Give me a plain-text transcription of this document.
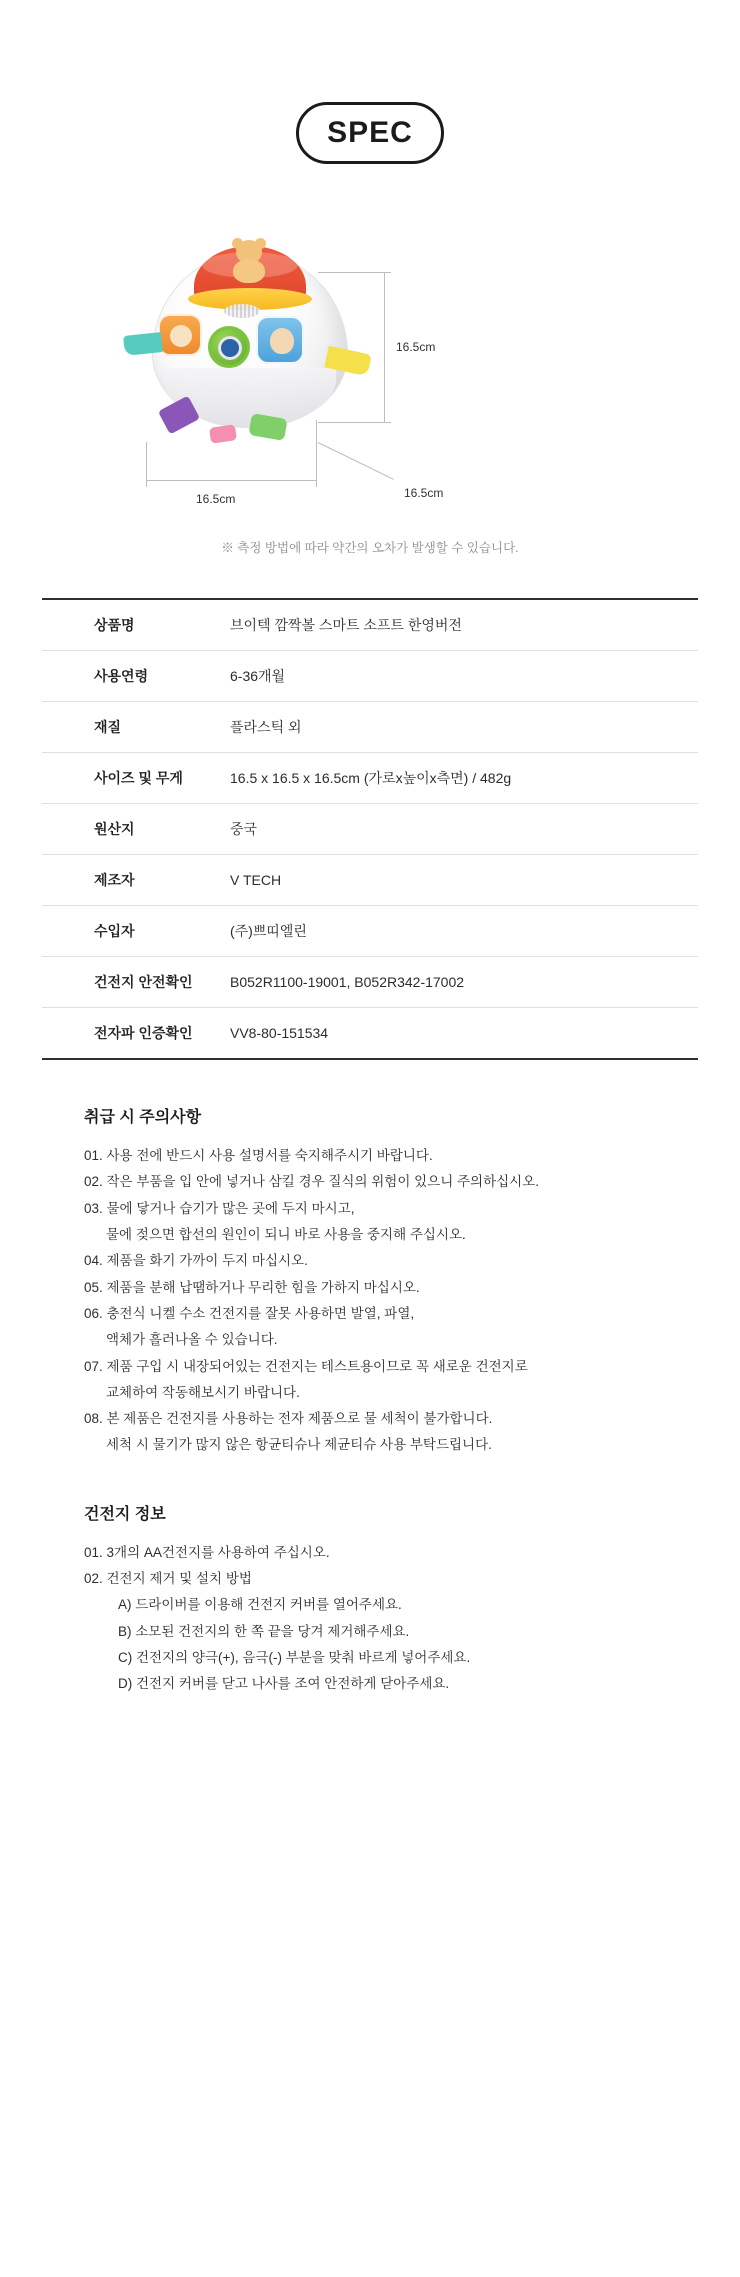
SPEC
16.5cm
16.5cm
16.5cm
※ 측정 방법에 따라 약간의 오차가 발생할 수 있습니다.
상품명	브이텍 깜짝볼 스마트 소프트 한영버전
사용연령	6-36개월
재질	플라스틱 외
사이즈 및 무게	16.5 x 16.5 x 16.5cm (가로x높이x측면) / 482g
원산지	중국
제조자	V TECH
수입자	(주)쁘띠엘린
건전지 안전확인	B052R1100-19001, B052R342-17002
전자파 인증확인	VV8-80-151534
취급 시 주의사항
01. 사용 전에 반드시 사용 설명서를 숙지해주시기 바랍니다.
02. 작은 부품을 입 안에 넣거나 삼킬 경우 질식의 위험이 있으니 주의하십시오.
03. 물에 닿거나 습기가 많은 곳에 두지 마시고,
물에 젖으면 합선의 원인이 되니 바로 사용을 중지해 주십시오.
04. 제품을 화기 가까이 두지 마십시오.
05. 제품을 분해 납땜하거나 무리한 힘을 가하지 마십시오.
06. 충전식 니켈 수소 건전지를 잘못 사용하면 발열, 파열,
액체가 흘러나올 수 있습니다.
07. 제품 구입 시 내장되어있는 건전지는 테스트용이므로 꼭 새로운 건전지로
교체하여 작동해보시기 바랍니다.
08. 본 제품은 건전지를 사용하는 전자 제품으로 물 세척이 불가합니다.
세척 시 물기가 많지 않은 항균티슈나 제균티슈 사용 부탁드립니다.
건전지 정보
01. 3개의 AA건전지를 사용하여 주십시오.
02. 건전지 제거 및 설치 방법
A) 드라이버를 이용해 건전지 커버를 열어주세요.
B) 소모된 건전지의 한 쪽 끝을 당겨 제거해주세요.
C) 건전지의 양극(+), 음극(-) 부분을 맞춰 바르게 넣어주세요.
D) 건전지 커버를 닫고 나사를 조여 안전하게 닫아주세요.
